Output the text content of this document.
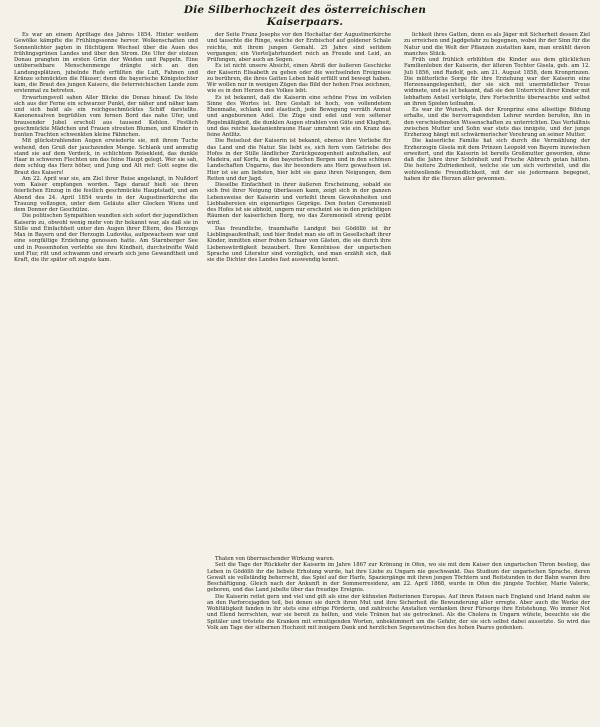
Die Silberhochzeit des österreichischen
Kaiserpaars.

Es war an einem Apriltage des Jahres 1854. Hinter weißem Gewölke kämpfte die Frühlingssonne hervor. Wolkenschatten und Sonnenlichter jagten in flüchtigem Wechsel über die Auen des frühlingsgrünen Landes und über den Strom. Die Ufer der stolzen Donau prangten im ersten Grün der Weiden und Pappeln. Eine unübersehbare Menschenmenge drängte sich an den Landungsplätzen, jubelnde Rufe erfüllten die Luft, Fahnen und Kränze schmückten die Häuser; denn die bayerische Königstochter kam, die Braut des jungen Kaisers, die österreichischen Lande zum erstenmal zu betreten.

Erwartungsvoll sahen Aller Blicke die Donau hinauf. Da löste sich aus der Ferne ein schwarzer Punkt, der näher und näher kam und sich bald als ein reichgeschmücktes Schiff darstellte. Kanonensalven begrüßten vom fernen Bord das nahe Ufer, und brausender Jubel erscholl aus tausend Kehlen. Festlich geschmückte Mädchen und Frauen streuten Blumen, und Kinder in bunten Trachten schwenkten kleine Fähnchen.

Mit glückstrahlenden Augen erwiederte sie, mit ihrem Tuche wehend, den Gruß der jauchzenden Menge. Schlank und anmutig stand sie auf dem Verdeck, in schlichtem Reisekleid, das dunkle Haar in schweren Flechten um das feine Haupt gelegt. Wer sie sah, dem schlug das Herz höher, und Jung und Alt rief: Gott segne die Braut des Kaisers!

Am 22. April war sie, am Ziel ihrer Reise angelangt, in Nußdorf vom Kaiser empfangen worden. Tags darauf hielt sie ihren feierlichen Einzug in die festlich geschmückte Hauptstadt, und am Abend des 24. April 1854 wurde in der Augustinerkirche die Trauung vollzogen, unter dem Geläute aller Glocken Wiens und dem Donner der Geschütze.

Die politischen Sympathien wandten sich sofort der jugendlichen Kaiserin zu, obwohl wenig mehr von ihr bekannt war, als daß sie in Stille und Einfachheit unter den Augen ihrer Eltern, des Herzogs Max in Bayern und der Herzogin Ludovika, aufgewachsen war und eine sorgfältige Erziehung genossen hatte. Am Starnberger See und in Possenhofen verlebte sie ihre Kindheit, durchstreifte Wald und Flur, ritt und schwamm und erwarb sich jene Gewandtheit und Kraft, die ihr später oft zugute kam.

der Seite Franz Josephs vor den Hochaltar der Augustinerkirche und tauschte die Ringe, welche der Erzbischof auf goldener Schale reichte, mit ihrem jungen Gemahl. 25 Jahre sind seitdem vergangen; ein Vierteljahrhundert reich an Freude und Leid, an Prüfungen, aber auch an Segen.

Es ist nicht unsere Absicht, einen Abriß der äußeren Geschicke der Kaiserin Elisabeth zu geben oder die wechselnden Ereignisse zu berühren, die ihres Gatten Leben bald erfüllt und bewegt haben. Wir wollen nur in wenigen Zügen das Bild der hohen Frau zeichnen, wie es in den Herzen des Volkes lebt.

Es ist bekannt, daß die Kaiserin eine schöne Frau im vollsten Sinne des Wortes ist. Ihre Gestalt ist hoch, von vollendetem Ebenmaße, schlank und elastisch, jede Bewegung verräth Anmut und angeborenen Adel. Die Züge sind edel und von seltener Regelmäßigkeit, die dunklen Augen strahlen von Güte und Klugheit, und das reiche kastanienbraune Haar umrahmt wie ein Kranz das feine Antlitz.

Die Reiselust der Kaiserin ist bekannt, ebenso ihre Vorliebe für das Land und die Natur. Sie liebt es, sich fern vom Getriebe des Hofes in der Stille ländlicher Zurückgezogenheit aufzuhalten, auf Madeira, auf Korfu, in den bayerischen Bergen und in den schönen Landschaften Ungarns, das ihr besonders ans Herz gewachsen ist. Hier ist sie am liebsten, hier lebt sie ganz ihren Neigungen, dem Reiten und der Jagd.

Dieselbe Einfachheit in ihrer äußeren Erscheinung, sobald sie sich frei ihrer Neigung überlassen kann, zeigt sich in der ganzen Lebensweise der Kaiserin und verleiht ihrem Gewohnheiten und Liebhabereien ein eigenartiges Gepräge. Den festen Ceremoniell des Hofes ist sie abhold, ungern nur erscheint sie in den prächtigen Räumen der kaiserlichen Burg, wo das Zeremoniell streng geübt wird.

Das freundliche, traumhafte Landgut bei Gödöllö ist ihr Lieblingsaufenthalt, und hier findet man sie oft in Gesellschaft ihrer Kinder, inmitten einer frohen Schaar von Gästen, die sie durch ihre Liebenswürdigkeit bezaubert. Ihre Kenntnisse der ungarischen Sprache und Literatur sind vorzüglich, und man erzählt sich, daß sie die Dichter des Landes fast auswendig kennt.

lichkeit ihres Gatten, denn es als Jäger mit Sicherheit dessen Ziel zu erreichen und Jagdgefahr zu begegnen, wobei ihr der Sinn für die Natur und die Welt der Pflanzen zustatten kam, man erzählt davon manches Stück.

Früh und frühlich erblühten die Kinder aus dem glücklichen Familienleben der Kaiserin, der älteren Tochter Gisela, geb. am 12. Juli 1856, und Rudolf, geb. am 21. August 1858, dem Kronprinzen. Die mütterliche Sorge für ihre Erziehung war der Kaiserin eine Herzensangelegenheit, der sie sich mit unermüdlicher Treue widmete, und es ist bekannt, daß sie den Unterricht ihrer Kinder mit lebhaftem Anteil verfolgte, ihre Fortschritte überwachte und selbst an ihren Spielen teilnahm.

Es war ihr Wunsch, daß der Kronprinz eine allseitige Bildung erhalte, und die hervorragendsten Lehrer wurden berufen, ihn in den verschiedensten Wissenschaften zu unterrichten. Das Verhältnis zwischen Mutter und Sohn war stets das innigste, und der junge Erzherzog hängt mit schwärmerischer Verehrung an seiner Mutter.

Die kaiserliche Familie hat sich durch die Vermählung der Erzherzogin Gisela mit dem Prinzen Leopold von Bayern inzwischen erweitert, und die Kaiserin ist bereits Großmutter geworden, ohne daß die Jahre ihrer Schönheit und Frische Abbruch getan hätten. Die heitere Zufriedenheit, welche sie um sich verbreitet, und die wohlwollende Freundlichkeit, mit der sie jedermann begegnet, haben ihr die Herzen aller gewonnen.

Thaten von überraschender Wirkung waren.

Seit die Tage der Rückkehr der Kaiserin im Jahre 1867 zur Krönung in Ofen, wo sie mit dem Kaiser den ungarischen Thron bestieg, das Leben in Gödöllö ihr die liebste Erholung wurde, hat ihre Liebe zu Ungarn nie geschwankt. Das Studium der ungarischen Sprache, deren Gewalt sie vollständig beherrscht, das Spiel auf der Harfe, Spaziergänge mit ihren jungen Töchtern und Reitstunden in der Bahn waren ihre Beschäftigung. Gleich nach der Ankunft in der Sommerresidenz, am 22. April 1868, wurde in Ofen die jüngste Tochter, Marie Valerie, geboren, und das Land jubelte über das freudige Ereignis.

Die Kaiserin reitet gern und viel und gilt als eine der kühnsten Reiterinnen Europas. Auf ihren Reisen nach England und Irland nahm sie an den Parforcejagden teil, bei denen sie durch ihren Mut und ihre Sicherheit die Bewunderung aller erregte. Aber auch die Werke der Wohltätigkeit fanden in ihr stets eine eifrige Förderin, und zahlreiche Anstalten verdanken ihrer Fürsorge ihre Entstehung. Wo immer Not und Elend herrschten, war sie bereit zu helfen, und viele Tränen hat sie getrocknet. Als die Cholera in Ungarn wütete, besuchte sie die Spitäler und tröstete die Kranken mit ermutigenden Worten, unbekümmert um die Gefahr, der sie sich selbst dabei aussetzte. So wird das Volk am Tage der silbernen Hochzeit mit innigem Dank und herzlichen Segenswünschen des hohen Paares gedenken.
